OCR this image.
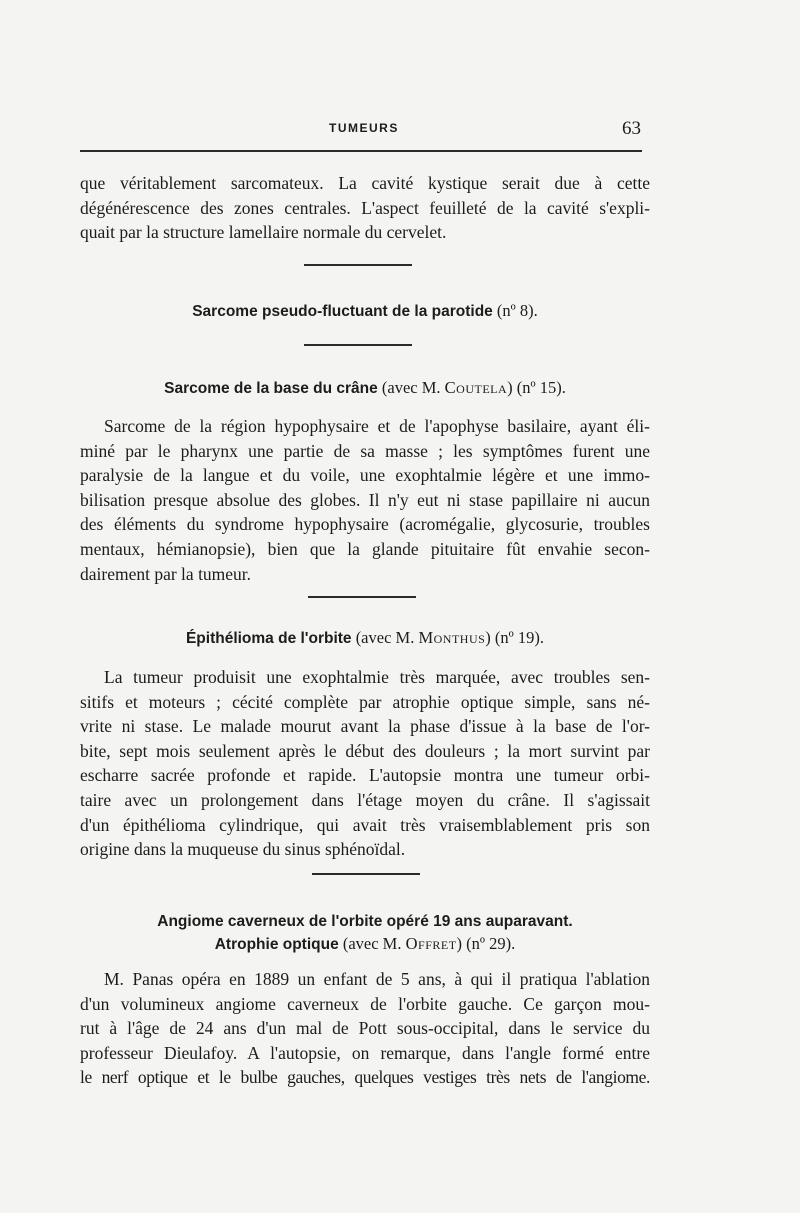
TUMEURS	63
que véritablement sarcomateux. La cavité kystique serait due à cette
dégénérescence des zones centrales. L'aspect feuilleté de la cavité s'expli-
quait par la structure lamellaire normale du cervelet.
Sarcome pseudo-fluctuant de la parotide (nº 8).
Sarcome de la base du crâne (avec M. Coutela) (nº 15).
Sarcome de la région hypophysaire et de l'apophyse basilaire, ayant éli-
miné par le pharynx une partie de sa masse ; les symptômes furent une
paralysie de la langue et du voile, une exophtalmie légère et une immo-
bilisation presque absolue des globes. Il n'y eut ni stase papillaire ni aucun
des éléments du syndrome hypophysaire (acromégalie, glycosurie, troubles
mentaux, hémianopsie), bien que la glande pituitaire fût envahie secon-
dairement par la tumeur.
Épithélioma de l'orbite (avec M. Monthus) (nº 19).
La tumeur produisit une exophtalmie très marquée, avec troubles sen-
sitifs et moteurs ; cécité complète par atrophie optique simple, sans né-
vrite ni stase. Le malade mourut avant la phase d'issue à la base de l'or-
bite, sept mois seulement après le début des douleurs ; la mort survint par
escharre sacrée profonde et rapide. L'autopsie montra une tumeur orbi-
taire avec un prolongement dans l'étage moyen du crâne. Il s'agissait
d'un épithélioma cylindrique, qui avait très vraisemblablement pris son
origine dans la muqueuse du sinus sphénoïdal.
Angiome caverneux de l'orbite opéré 19 ans auparavant.
Atrophie optique (avec M. Offret) (nº 29).
M. Panas opéra en 1889 un enfant de 5 ans, à qui il pratiqua l'ablation
d'un volumineux angiome caverneux de l'orbite gauche. Ce garçon mou-
rut à l'âge de 24 ans d'un mal de Pott sous-occipital, dans le service du
professeur Dieulafoy. A l'autopsie, on remarque, dans l'angle formé entre
le nerf optique et le bulbe gauches, quelques vestiges très nets de l'angiome.
